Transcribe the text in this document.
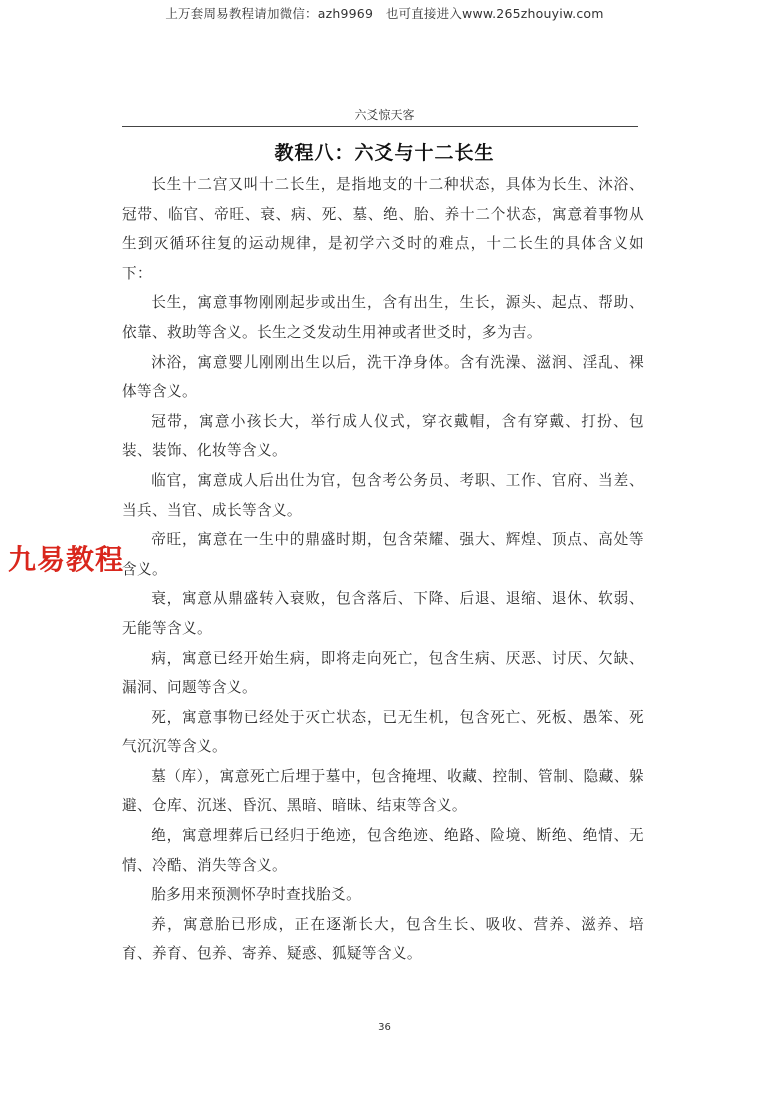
上万套周易教程请加微信：azh9969　也可直接进入www.265zhouyiw.com
六爻惊天客
教程八：六爻与十二长生

长生十二宫又叫十二长生，是指地支的十二种状态，具体为长生、沐浴、冠带、临官、帝旺、衰、病、死、墓、绝、胎、养十二个状态，寓意着事物从生到灭循环往复的运动规律，是初学六爻时的难点，十二长生的具体含义如下：

长生，寓意事物刚刚起步或出生，含有出生，生长，源头、起点、帮助、依靠、救助等含义。长生之爻发动生用神或者世爻时，多为吉。

沐浴，寓意婴儿刚刚出生以后，洗干净身体。含有洗澡、滋润、淫乱、裸体等含义。

冠带，寓意小孩长大，举行成人仪式，穿衣戴帽，含有穿戴、打扮、包装、装饰、化妆等含义。

临官，寓意成人后出仕为官，包含考公务员、考职、工作、官府、当差、当兵、当官、成长等含义。

帝旺，寓意在一生中的鼎盛时期，包含荣耀、强大、辉煌、顶点、高处等含义。

衰，寓意从鼎盛转入衰败，包含落后、下降、后退、退缩、退休、软弱、无能等含义。

病，寓意已经开始生病，即将走向死亡，包含生病、厌恶、讨厌、欠缺、漏洞、问题等含义。

死，寓意事物已经处于灭亡状态，已无生机，包含死亡、死板、愚笨、死气沉沉等含义。

墓（库），寓意死亡后埋于墓中，包含掩埋、收藏、控制、管制、隐藏、躲避、仓库、沉迷、昏沉、黑暗、暗昧、结束等含义。

绝，寓意埋葬后已经归于绝迹，包含绝迹、绝路、险境、断绝、绝情、无情、冷酷、消失等含义。

胎多用来预测怀孕时查找胎爻。

养，寓意胎已形成，正在逐渐长大，包含生长、吸收、营养、滋养、培育、养育、包养、寄养、疑惑、狐疑等含义。

九易教程
36
